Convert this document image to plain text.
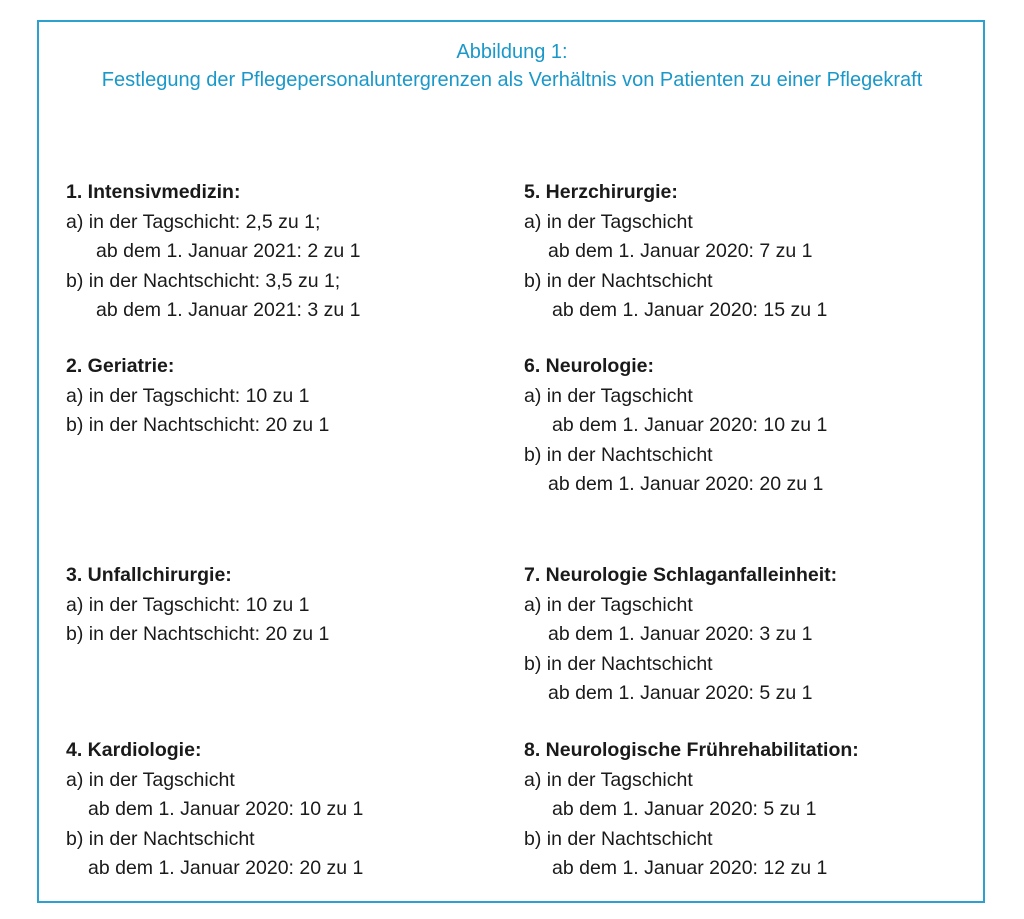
Abbildung 1:

Festlegung der Pflegepersonaluntergrenzen als Verhältnis von Patienten zu einer Pflegekraft

1. Intensivmedizin:
a) in der Tagschicht: 2,5 zu 1;
ab dem 1. Januar 2021: 2 zu 1
b) in der Nachtschicht: 3,5 zu 1;
ab dem 1. Januar 2021: 3 zu 1
2. Geriatrie:
a) in der Tagschicht: 10 zu 1
b) in der Nachtschicht: 20 zu 1
3. Unfallchirurgie:
a) in der Tagschicht: 10 zu 1
b) in der Nachtschicht: 20 zu 1
4. Kardiologie:
a) in der Tagschicht
ab dem 1. Januar 2020: 10 zu 1
b) in der Nachtschicht
ab dem 1. Januar 2020: 20 zu 1
5. Herzchirurgie:
a) in der Tagschicht
ab dem 1. Januar 2020: 7 zu 1
b) in der Nachtschicht
ab dem 1. Januar 2020: 15 zu 1
6. Neurologie:
a) in der Tagschicht
ab dem 1. Januar 2020: 10 zu 1
b) in der Nachtschicht
ab dem 1. Januar 2020: 20 zu 1
7. Neurologie Schlaganfalleinheit:
a) in der Tagschicht
ab dem 1. Januar 2020: 3 zu 1
b) in der Nachtschicht
ab dem 1. Januar 2020: 5 zu 1
8. Neurologische Frührehabilitation:
a) in der Tagschicht
ab dem 1. Januar 2020: 5 zu 1
b) in der Nachtschicht
ab dem 1. Januar 2020: 12 zu 1
